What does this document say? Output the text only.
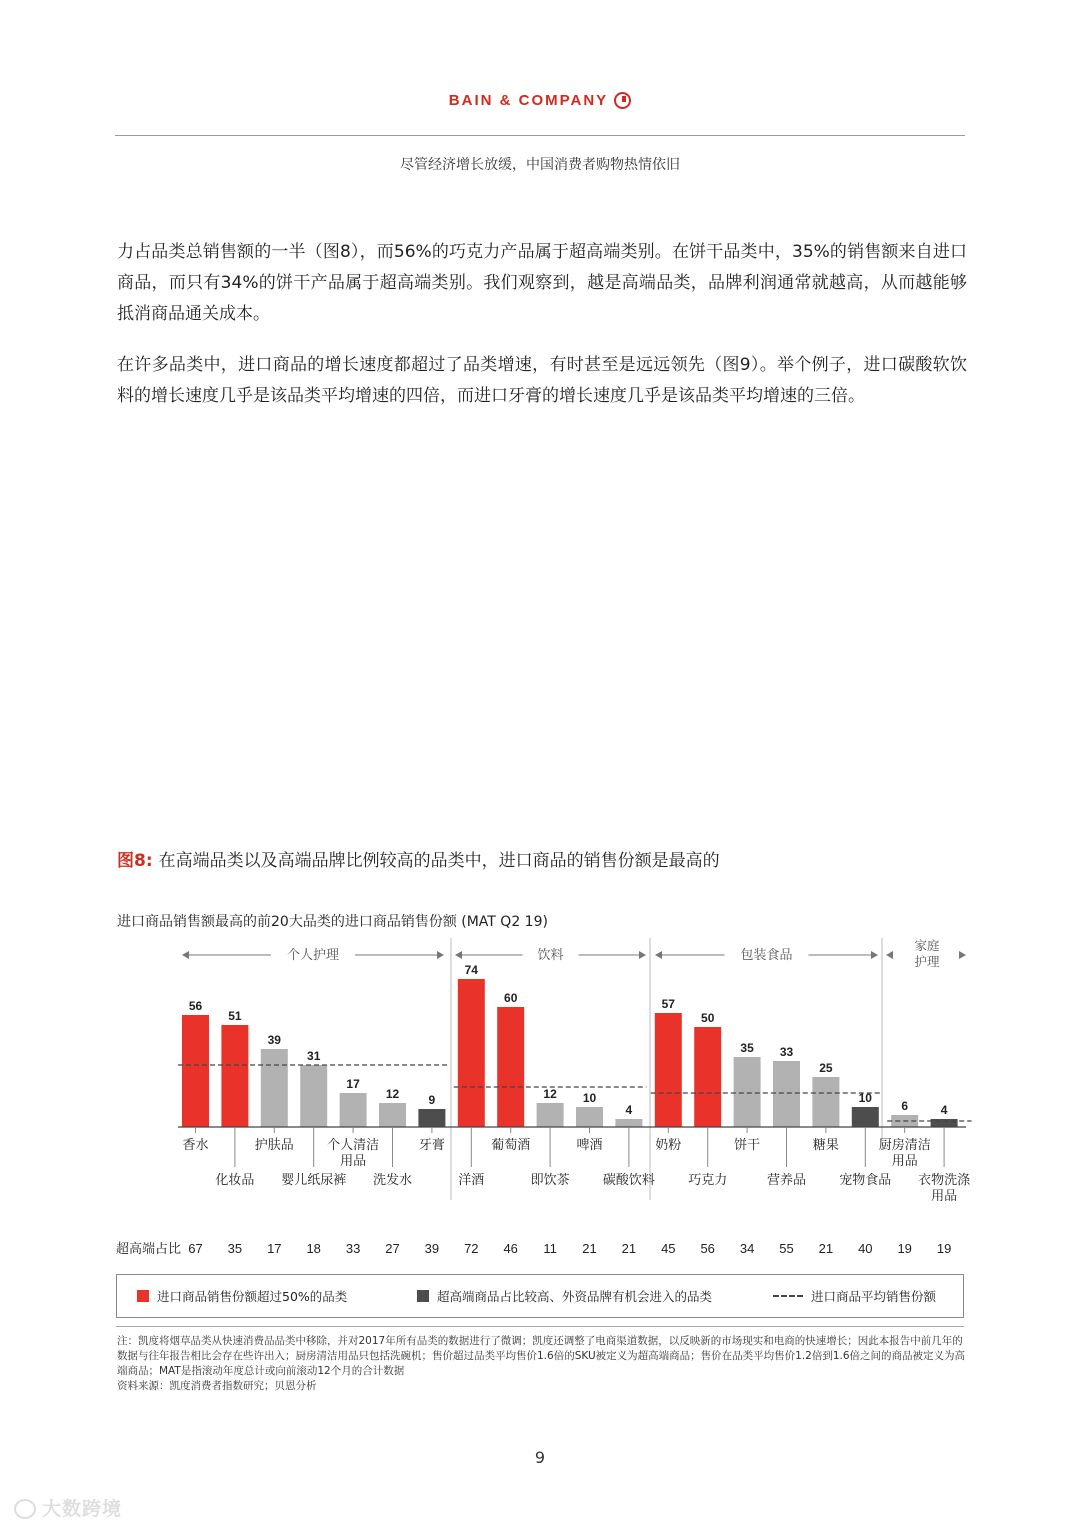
BAIN & COMPANY
尽管经济增长放缓，中国消费者购物热情依旧

力占品类总销售额的一半（图8），而56%的巧克力产品属于超高端类别。在饼干品类中，35%的销售额来自进口商品，而只有34%的饼干产品属于超高端类别。我们观察到，越是高端品类，品牌利润通常就越高，从而越能够抵消商品通关成本。

在许多品类中，进口商品的增长速度都超过了品类增速，有时甚至是远远领先（图9）。举个例子，进口碳酸软饮料的增长速度几乎是该品类平均增速的四倍，而进口牙膏的增长速度几乎是该品类平均增速的三倍。

图8: 在高端品类以及高端品牌比例较高的品类中，进口商品的销售份额是最高的
进口商品销售额最高的前20大品类的进口商品销售份额 (MAT Q2 19)
个人护理	饮料	包装食品
家庭
护理
56
51
39
31
17
12 9
74
60
12 10
4
57
50
35 33
25
10
6	4
香水
化妆品
护肤品
婴儿纸尿裤
个人清洁
用品
洗发水
牙膏
洋酒
葡萄酒
即饮茶
啤酒
碳酸饮料
奶粉
巧克力
饼干
营养品
糖果
宠物食品
厨房清洁
用品
衣物洗涤
用品
超高端占比 67 35 17 18 33 27 39 72 46 11 21 21 45 56 34 55 21 40 19 19
进口商品销售份额超过50%的品类	超高端商品占比较高、外资品牌有机会进入的品类	进口商品平均销售份额

注：凯度将烟草品类从快速消费品品类中移除，并对2017年所有品类的数据进行了微调；凯度还调整了电商渠道数据，以反映新的市场现实和电商的快速增长；因此本报告中前几年的数据与往年报告相比会存在些许出入；厨房清洁用品只包括洗碗机；售价超过品类平均售价1.6倍的SKU被定义为超高端商品；售价在品类平均售价1.2倍到1.6倍之间的商品被定义为高端商品；MAT是指滚动年度总计或向前滚动12个月的合计数据

资料来源：凯度消费者指数研究；贝恩分析

9
大数跨境
